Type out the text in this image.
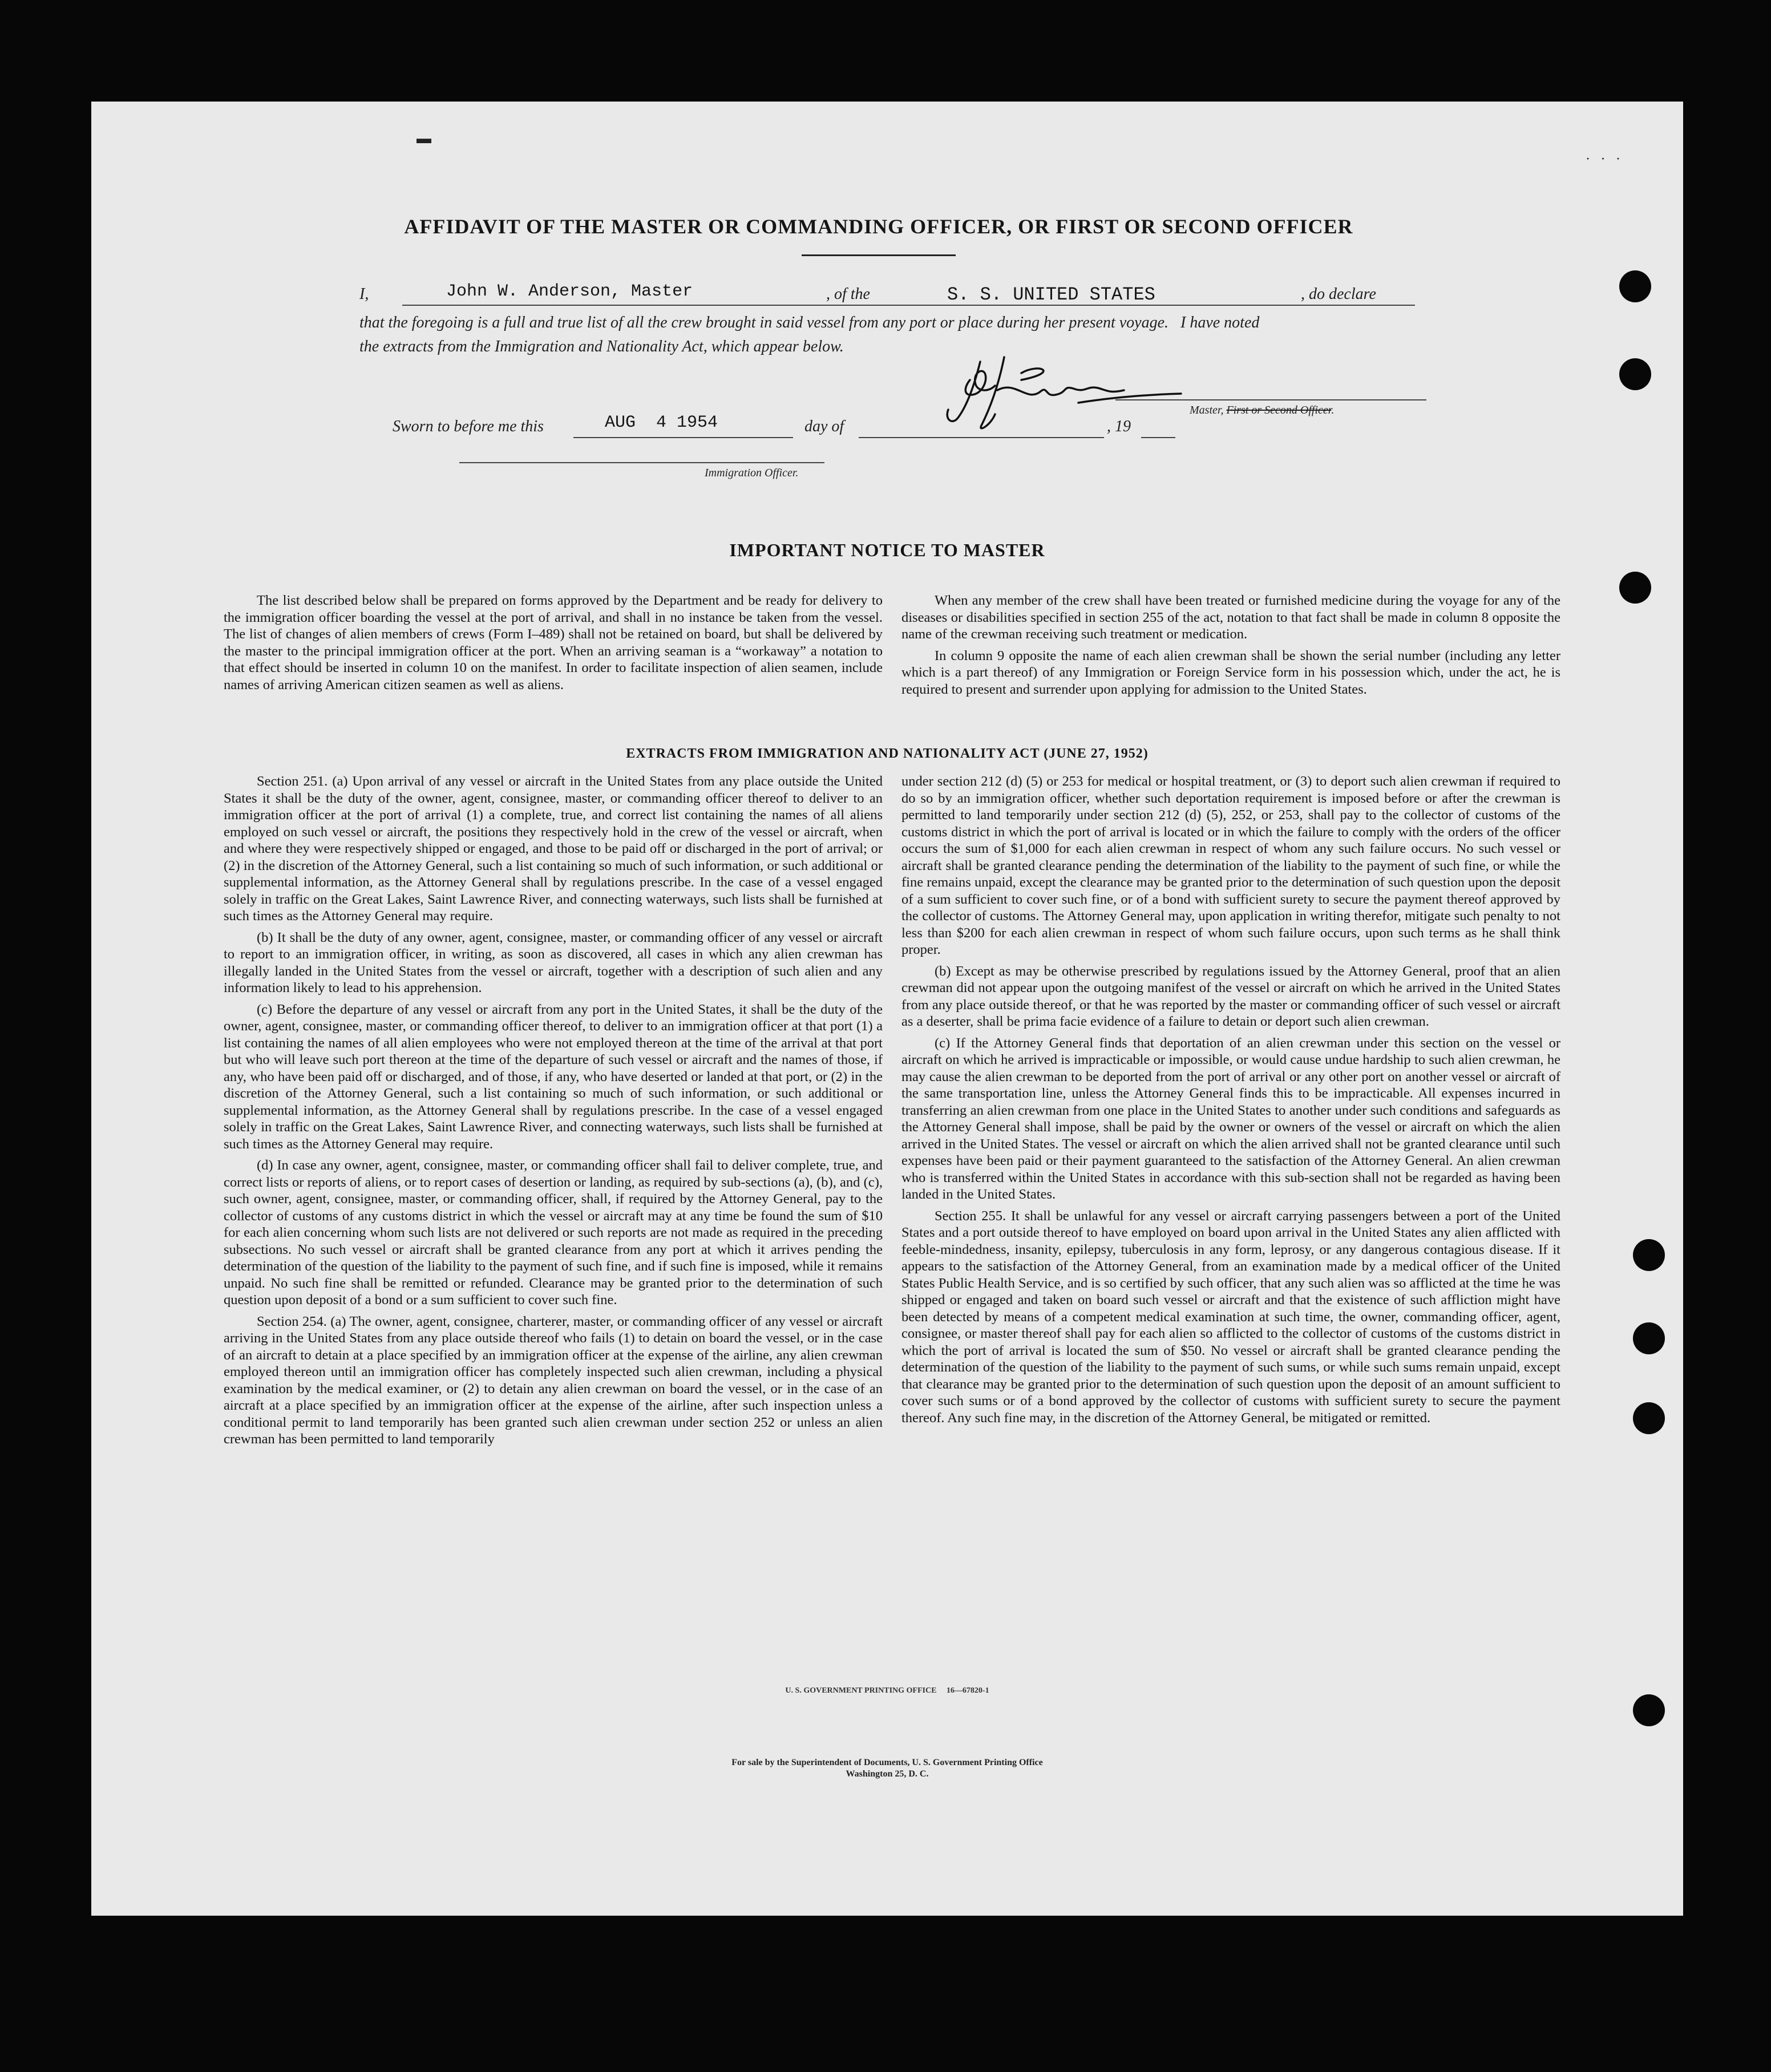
▬
· · ·
AFFIDAVIT OF THE MASTER OR COMMANDING OFFICER, OR FIRST OR SECOND OFFICER
I,	John W. Anderson, Master	, of the	S. S. UNITED STATES	, do declare
that the foregoing is a full and true list of all the crew brought in said vessel from any port or place during her present voyage.   I have noted
the extracts from the Immigration and Nationality Act, which appear below.
Master, First or Second Officer.
Sworn to before me this	AUG  4 1954	day of	, 19
Immigration Officer.
IMPORTANT NOTICE TO MASTER

The list described below shall be prepared on forms approved by the Department and be ready for delivery to the immigration officer boarding the vessel at the port of arrival, and shall in no instance be taken from the vessel. The list of changes of alien members of crews (Form I–489) shall not be retained on board, but shall be delivered by the master to the principal immigration officer at the port. When an arriving seaman is a “workaway” a notation to that effect should be inserted in column 10 on the manifest. In order to facilitate inspection of alien seamen, include names of arriving American citizen seamen as well as aliens.

When any member of the crew shall have been treated or furnished medicine during the voyage for any of the diseases or disabilities specified in section 255 of the act, notation to that fact shall be made in column 8 opposite the name of the crewman receiving such treatment or medication.

In column 9 opposite the name of each alien crewman shall be shown the serial number (including any letter which is a part thereof) of any Immigration or Foreign Service form in his possession which, under the act, he is required to present and surrender upon applying for admission to the United States.

EXTRACTS FROM IMMIGRATION AND NATIONALITY ACT (JUNE 27, 1952)

Section 251. (a) Upon arrival of any vessel or aircraft in the United States from any place outside the United States it shall be the duty of the owner, agent, consignee, master, or commanding officer thereof to deliver to an immigration officer at the port of arrival (1) a complete, true, and correct list containing the names of all aliens employed on such vessel or aircraft, the positions they respectively hold in the crew of the vessel or aircraft, when and where they were respectively shipped or engaged, and those to be paid off or discharged in the port of arrival; or (2) in the discretion of the Attorney General, such a list containing so much of such information, or such additional or supplemental information, as the Attorney General shall by regulations prescribe. In the case of a vessel engaged solely in traffic on the Great Lakes, Saint Lawrence River, and connecting waterways, such lists shall be furnished at such times as the Attorney General may require.

(b) It shall be the duty of any owner, agent, consignee, master, or commanding officer of any vessel or aircraft to report to an immigration officer, in writing, as soon as discovered, all cases in which any alien crewman has illegally landed in the United States from the vessel or aircraft, together with a description of such alien and any information likely to lead to his apprehension.

(c) Before the departure of any vessel or aircraft from any port in the United States, it shall be the duty of the owner, agent, consignee, master, or commanding officer thereof, to deliver to an immigration officer at that port (1) a list containing the names of all alien employees who were not employed thereon at the time of the arrival at that port but who will leave such port thereon at the time of the departure of such vessel or aircraft and the names of those, if any, who have been paid off or discharged, and of those, if any, who have deserted or landed at that port, or (2) in the discretion of the Attorney General, such a list containing so much of such information, or such additional or supplemental information, as the Attorney General shall by regulations prescribe. In the case of a vessel engaged solely in traffic on the Great Lakes, Saint Lawrence River, and connecting waterways, such lists shall be furnished at such times as the Attorney General may require.

(d) In case any owner, agent, consignee, master, or commanding officer shall fail to deliver complete, true, and correct lists or reports of aliens, or to report cases of desertion or landing, as required by sub-sections (a), (b), and (c), such owner, agent, consignee, master, or commanding officer, shall, if required by the Attorney General, pay to the collector of customs of any customs district in which the vessel or aircraft may at any time be found the sum of $10 for each alien concerning whom such lists are not delivered or such reports are not made as required in the preceding subsections. No such vessel or aircraft shall be granted clearance from any port at which it arrives pending the determination of the question of the liability to the payment of such fine, and if such fine is imposed, while it remains unpaid. No such fine shall be remitted or refunded. Clearance may be granted prior to the determination of such question upon deposit of a bond or a sum sufficient to cover such fine.

Section 254. (a) The owner, agent, consignee, charterer, master, or commanding officer of any vessel or aircraft arriving in the United States from any place outside thereof who fails (1) to detain on board the vessel, or in the case of an aircraft to detain at a place specified by an immigration officer at the expense of the airline, any alien crewman employed thereon until an immigration officer has completely inspected such alien crewman, including a physical examination by the medical examiner, or (2) to detain any alien crewman on board the vessel, or in the case of an aircraft at a place specified by an immigration officer at the expense of the airline, after such inspection unless a conditional permit to land temporarily has been granted such alien crewman under section 252 or unless an alien crewman has been permitted to land temporarily

under section 212 (d) (5) or 253 for medical or hospital treatment, or (3) to deport such alien crewman if required to do so by an immigration officer, whether such deportation requirement is imposed before or after the crewman is permitted to land temporarily under section 212 (d) (5), 252, or 253, shall pay to the collector of customs of the customs district in which the port of arrival is located or in which the failure to comply with the orders of the officer occurs the sum of $1,000 for each alien crewman in respect of whom any such failure occurs. No such vessel or aircraft shall be granted clearance pending the determination of the liability to the payment of such fine, or while the fine remains unpaid, except the clearance may be granted prior to the determination of such question upon the deposit of a sum sufficient to cover such fine, or of a bond with sufficient surety to secure the payment thereof approved by the collector of customs. The Attorney General may, upon application in writing therefor, mitigate such penalty to not less than $200 for each alien crewman in respect of whom such failure occurs, upon such terms as he shall think proper.

(b) Except as may be otherwise prescribed by regulations issued by the Attorney General, proof that an alien crewman did not appear upon the outgoing manifest of the vessel or aircraft on which he arrived in the United States from any place outside thereof, or that he was reported by the master or commanding officer of such vessel or aircraft as a deserter, shall be prima facie evidence of a failure to detain or deport such alien crewman.

(c) If the Attorney General finds that deportation of an alien crewman under this section on the vessel or aircraft on which he arrived is impracticable or impossible, or would cause undue hardship to such alien crewman, he may cause the alien crewman to be deported from the port of arrival or any other port on another vessel or aircraft of the same transportation line, unless the Attorney General finds this to be impracticable. All expenses incurred in transferring an alien crewman from one place in the United States to another under such conditions and safeguards as the Attorney General shall impose, shall be paid by the owner or owners of the vessel or aircraft on which the alien arrived in the United States. The vessel or aircraft on which the alien arrived shall not be granted clearance until such expenses have been paid or their payment guaranteed to the satisfaction of the Attorney General. An alien crewman who is transferred within the United States in accordance with this sub-section shall not be regarded as having been landed in the United States.

Section 255. It shall be unlawful for any vessel or aircraft carrying passengers between a port of the United States and a port outside thereof to have employed on board upon arrival in the United States any alien afflicted with feeble-mindedness, insanity, epilepsy, tuberculosis in any form, leprosy, or any dangerous contagious disease. If it appears to the satisfaction of the Attorney General, from an examination made by a medical officer of the United States Public Health Service, and is so certified by such officer, that any such alien was so afflicted at the time he was shipped or engaged and taken on board such vessel or aircraft and that the existence of such affliction might have been detected by means of a competent medical examination at such time, the owner, commanding officer, agent, consignee, or master thereof shall pay for each alien so afflicted to the collector of customs of the customs district in which the port of arrival is located the sum of $50. No vessel or aircraft shall be granted clearance pending the determination of the question of the liability to the payment of such sums, or while such sums remain unpaid, except that clearance may be granted prior to the determination of such question upon the deposit of an amount sufficient to cover such sums or of a bond approved by the collector of customs with sufficient surety to secure the payment thereof. Any such fine may, in the discretion of the Attorney General, be mitigated or remitted.

U. S. GOVERNMENT PRINTING OFFICE     16—67820-1
For sale by the Superintendent of Documents, U. S. Government Printing Office
Washington 25, D. C.
